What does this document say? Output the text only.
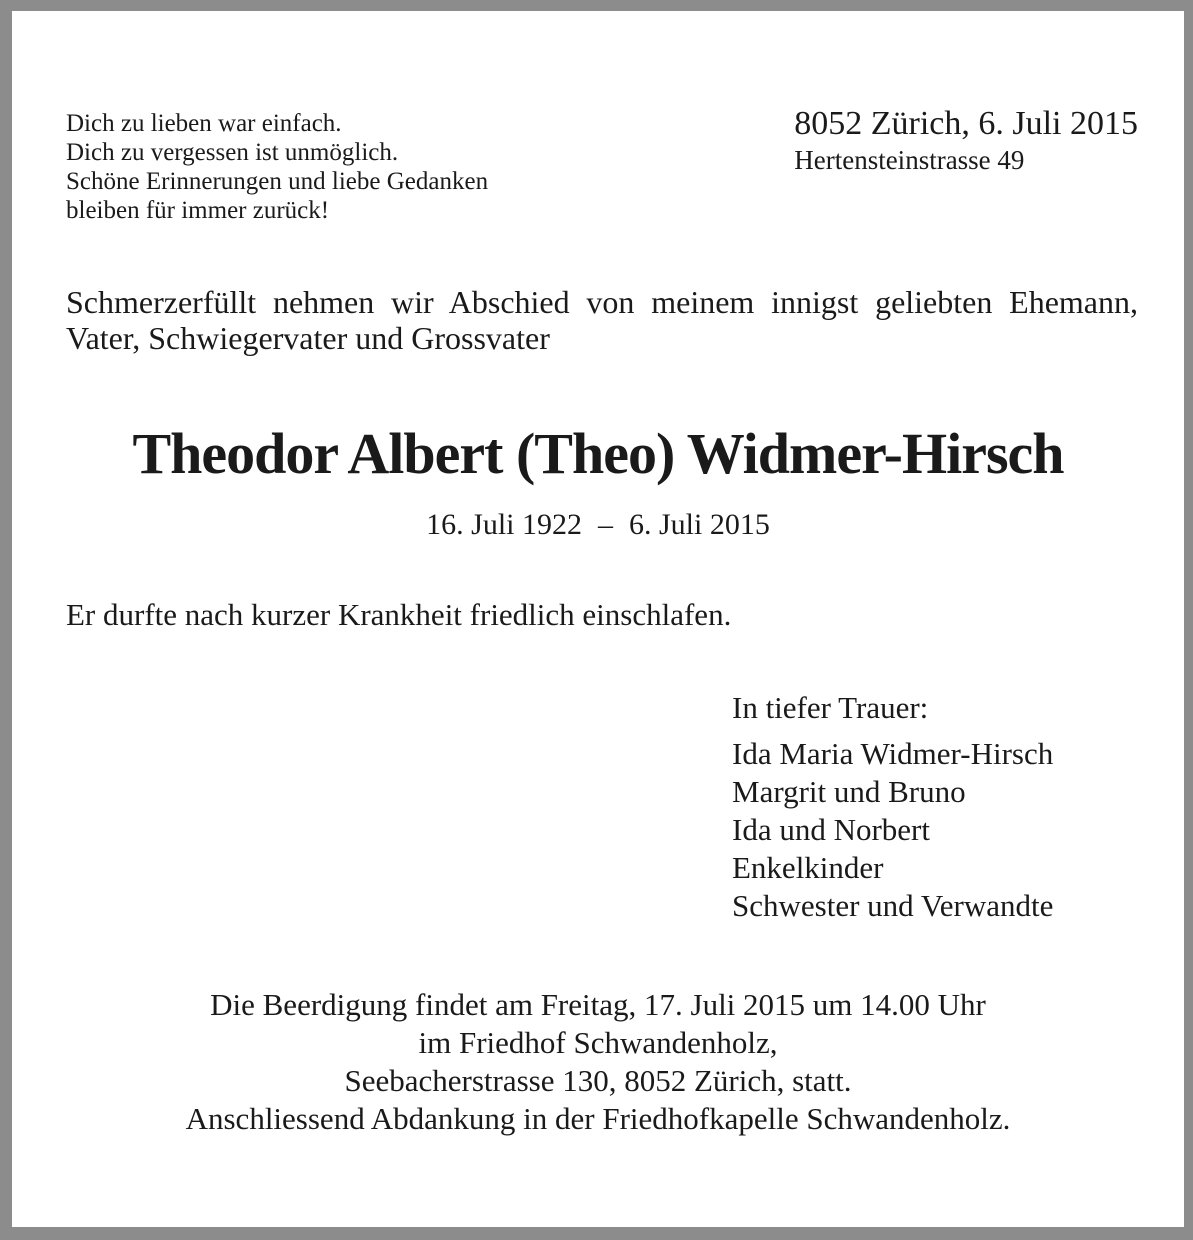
Dich zu lieben war einfach.
Dich zu vergessen ist unmöglich.
Schöne Erinnerungen und liebe Gedanken
bleiben für immer zurück!
8052 Zürich, 6. Juli 2015
Hertensteinstrasse 49

Schmerzerfüllt nehmen wir Abschied von meinem innigst geliebten Ehemann, Vater, Schwiegervater und Grossvater

Theodor Albert (Theo) Widmer-Hirsch
16. Juli 1922 – 6. Juli 2015
Er durfte nach kurzer Krankheit friedlich einschlafen.
In tiefer Trauer:
Ida Maria Widmer-Hirsch
Margrit und Bruno
Ida und Norbert
Enkelkinder
Schwester und Verwandte
Die Beerdigung findet am Freitag, 17. Juli 2015 um 14.00 Uhr
im Friedhof Schwandenholz,
Seebacherstrasse 130, 8052 Zürich, statt.
Anschliessend Abdankung in der Friedhofkapelle Schwandenholz.
